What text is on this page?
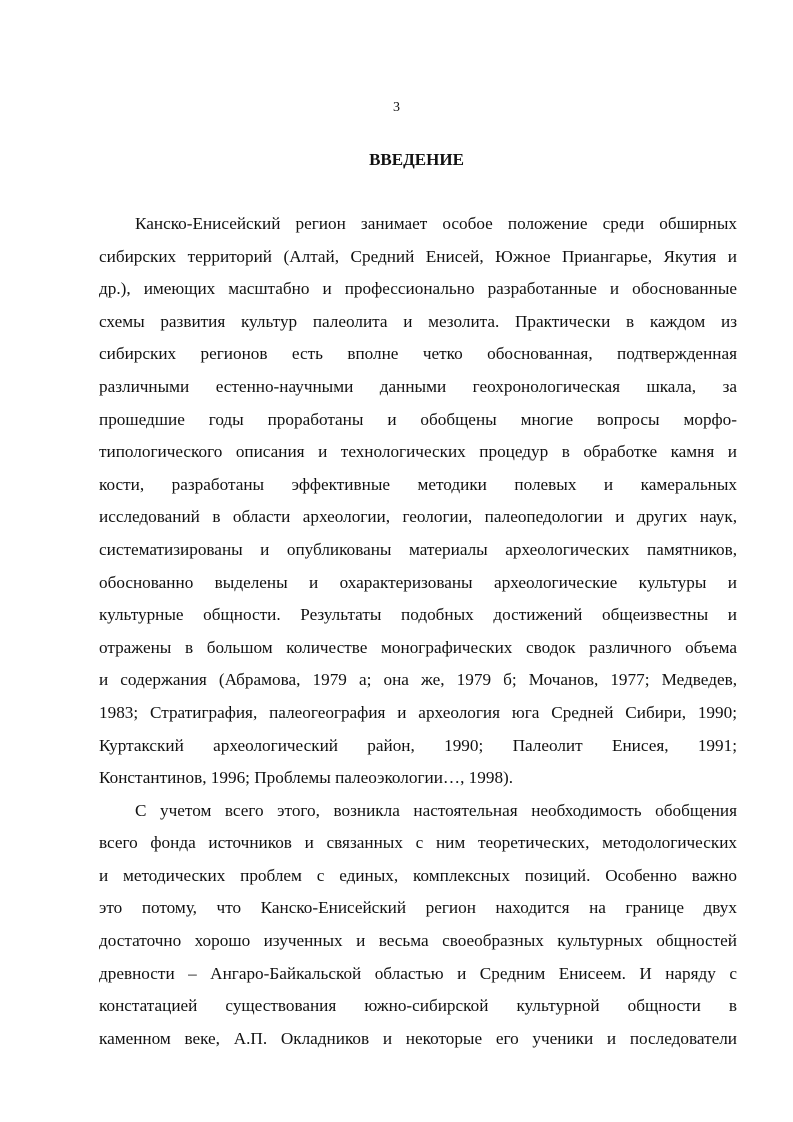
3
ВВЕДЕНИЕ
Канско-Енисейский регион занимает особое положение среди обширных
сибирских территорий (Алтай, Средний Енисей, Южное Приангарье, Якутия и
др.), имеющих масштабно и профессионально разработанные и обоснованные
схемы развития культур палеолита и мезолита. Практически в каждом из
сибирских регионов есть вполне четко обоснованная, подтвержденная
различными естенно-научными данными геохронологическая шкала, за
прошедшие годы проработаны и обобщены многие вопросы морфо-
типологического описания и технологических процедур в обработке камня и
кости, разработаны эффективные методики полевых и камеральных
исследований в области археологии, геологии, палеопедологии и других наук,
систематизированы и опубликованы материалы археологических памятников,
обоснованно выделены и охарактеризованы археологические культуры и
культурные общности. Результаты подобных достижений общеизвестны и
отражены в большом количестве монографических сводок различного объема
и содержания (Абрамова, 1979 а; она же, 1979 б; Мочанов, 1977; Медведев,
1983; Стратиграфия, палеогеография и археология юга Средней Сибири, 1990;
Куртакский археологический район, 1990; Палеолит Енисея, 1991;
Константинов, 1996; Проблемы палеоэкологии…, 1998).
С учетом всего этого, возникла настоятельная необходимость обобщения
всего фонда источников и связанных с ним теоретических, методологических
и методических проблем с единых, комплексных позиций. Особенно важно
это потому, что Канско-Енисейский регион находится на границе двух
достаточно хорошо изученных и весьма своеобразных культурных общностей
древности – Ангаро-Байкальской областью и Средним Енисеем. И наряду с
констатацией существования южно-сибирской культурной общности в
каменном веке, А.П. Окладников и некоторые его ученики и последователи
